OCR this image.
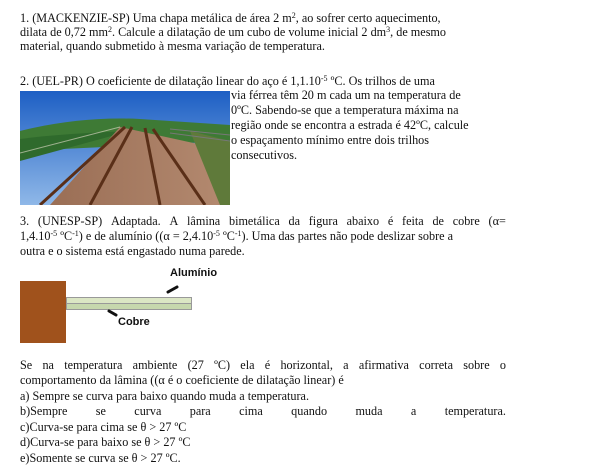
1. (MACKENZIE-SP) Uma chapa metálica de área 2 $m^2$, ao sofrer certo aquecimento,
dilata de 0,72 $mm^2$. Calcule a dilatação de um cubo de volume inicial 2 $dm^3$, de mesmo
material, quando submetido à mesma variação de temperatura.
2. (UEL-PR) O coeficiente de dilatação linear do aço é $1,1.10^{-5}$ ºC. Os trilhos de uma
via férrea têm 20 m cada um na temperatura de
0ºC. Sabendo-se que a temperatura máxima na
região onde se encontra a estrada é 42ºC, calcule
o espaçamento mínimo entre dois trilhos
consecutivos.
3. (UNESP-SP) Adaptada. A lâmina bimetálica da figura abaixo é feita de cobre (α=
$1,4.10^{-5}$ ºC$^{-1}$) e de alumínio (($\alpha = 2,4.10^{-5}$ ºC$^{-1}$). Uma das partes não pode deslizar sobre a
outra e o sistema está engastado numa parede.
Alumínio
Cobre
Se na temperatura ambiente (27 ºC) ela é horizontal, a afirmativa correta sobre o
comportamento da lâmina ((α é o coeficiente de dilatação linear) é
a) Sempre se curva para baixo quando muda a temperatura.
b)Sempre se curva para cima quando muda a temperatura.
c)Curva-se para cima se θ > 27 ºC
d)Curva-se para baixo se θ > 27 ºC
e)Somente se curva se θ > 27 ºC.
